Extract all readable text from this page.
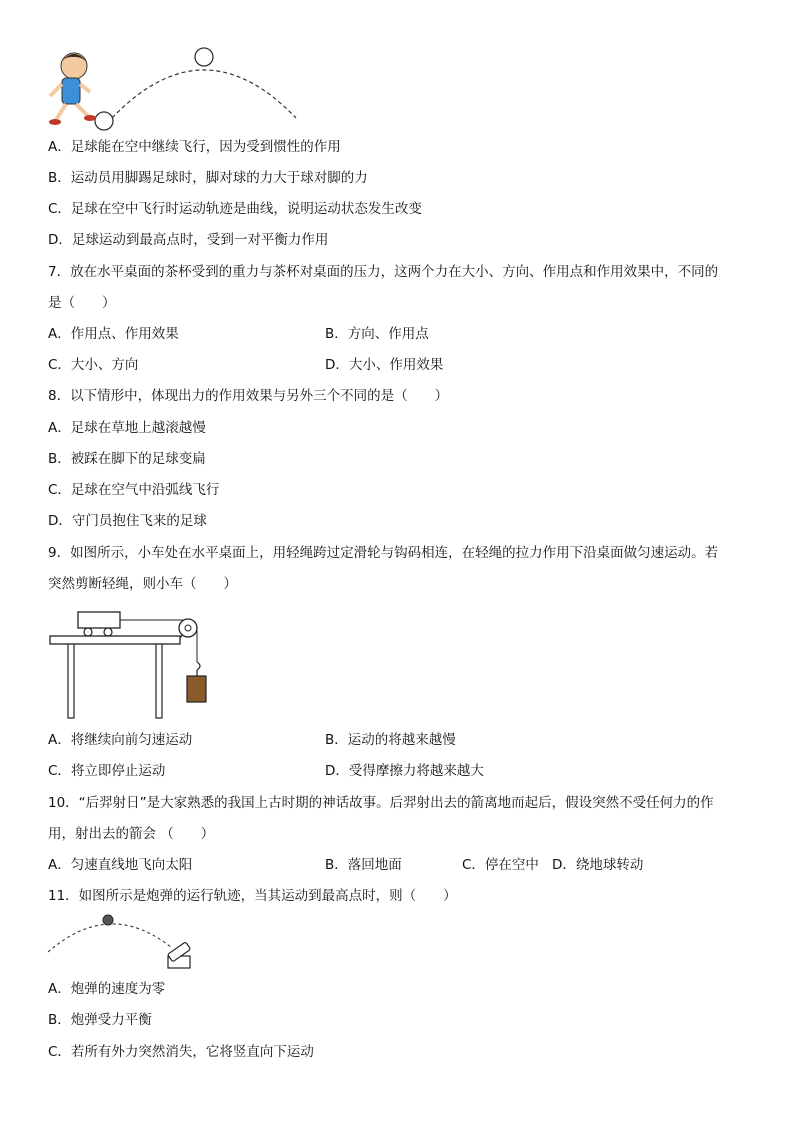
A．足球能在空中继续飞行，因为受到惯性的作用
B．运动员用脚踢足球时，脚对球的力大于球对脚的力
C．足球在空中飞行时运动轨迹是曲线，说明运动状态发生改变
D．足球运动到最高点时，受到一对平衡力作用
7．放在水平桌面的茶杯受到的重力与茶杯对桌面的压力，这两个力在大小、方向、作用点和作用效果中，不同的
是（　　）
A．作用点、作用效果	B．方向、作用点
C．大小、方向	D．大小、作用效果
8．以下情形中，体现出力的作用效果与另外三个不同的是（　　）
A．足球在草地上越滚越慢
B．被踩在脚下的足球变扁
C．足球在空气中沿弧线飞行
D．守门员抱住飞来的足球
9．如图所示，小车处在水平桌面上，用轻绳跨过定滑轮与钩码相连，在轻绳的拉力作用下沿桌面做匀速运动。若
突然剪断轻绳，则小车（　　）
A．将继续向前匀速运动	B．运动的将越来越慢
C．将立即停止运动	D．受得摩擦力将越来越大
10．“后羿射日”是大家熟悉的我国上古时期的神话故事。后羿射出去的箭离地而起后，假设突然不受任何力的作
用，射出去的箭会 （　　）
A．匀速直线地飞向太阳	B．落回地面	C．停在空中 D．绕地球转动
11．如图所示是炮弹的运行轨迹，当其运动到最高点时，则（　　）
A．炮弹的速度为零
B．炮弹受力平衡
C．若所有外力突然消失，它将竖直向下运动
